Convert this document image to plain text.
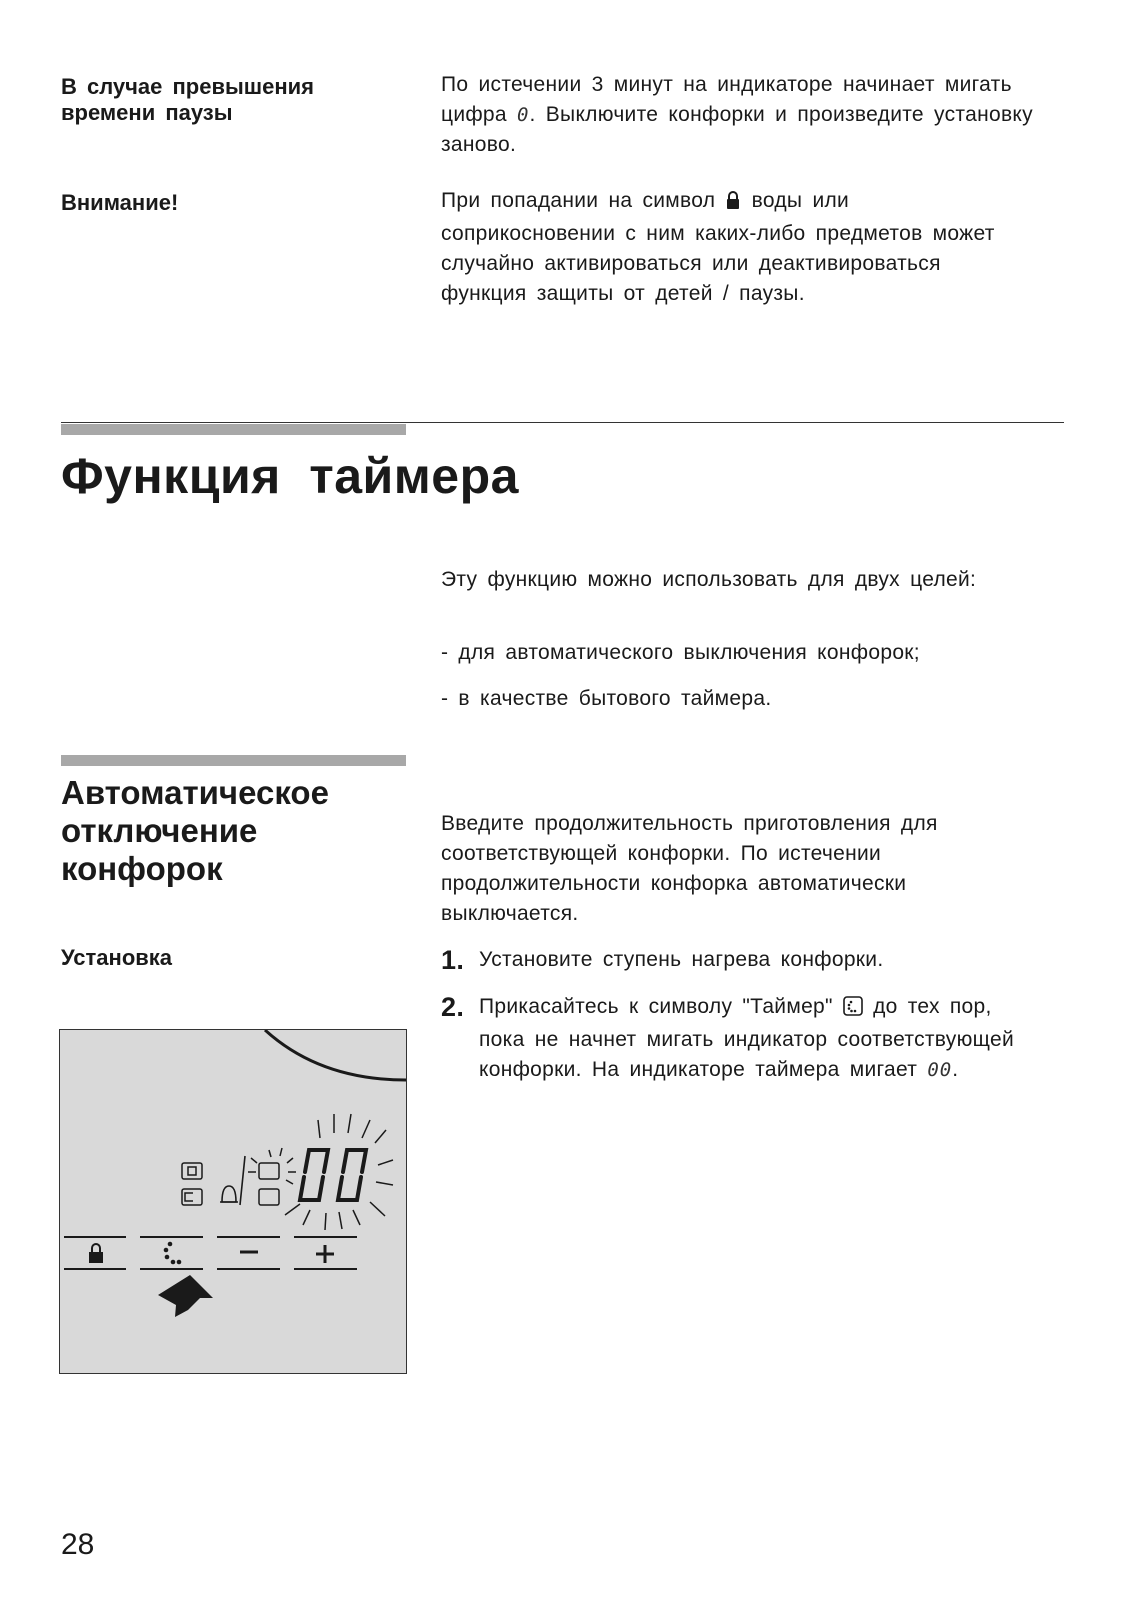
В случае превышения времени паузы
По истечении 3 минут на индикаторе начинает мигать цифра 0. Выключите конфорки и произведите установку заново.
Внимание!	При попадании на символ  воды или соприкосновении с ним каких-либо предметов может случайно активироваться или деактивироваться функция защиты от детей / паузы.
Функция таймера
Эту функцию можно использовать для двух целей:
- для автоматического выключения конфорок;
- в качестве бытового таймера.
Автоматическое отключение конфорок
Введите продолжительность приготовления для соответствующей конфорки. По истечении продолжительности конфорка автоматически выключается.
Установка	1. Установите ступень нагрева конфорки.
2. Прикасайтесь к символу "Таймер"  до тех пор, пока не начнет мигать индикатор соответствующей конфорки. На индикаторе таймера мигает 00.
00
28
